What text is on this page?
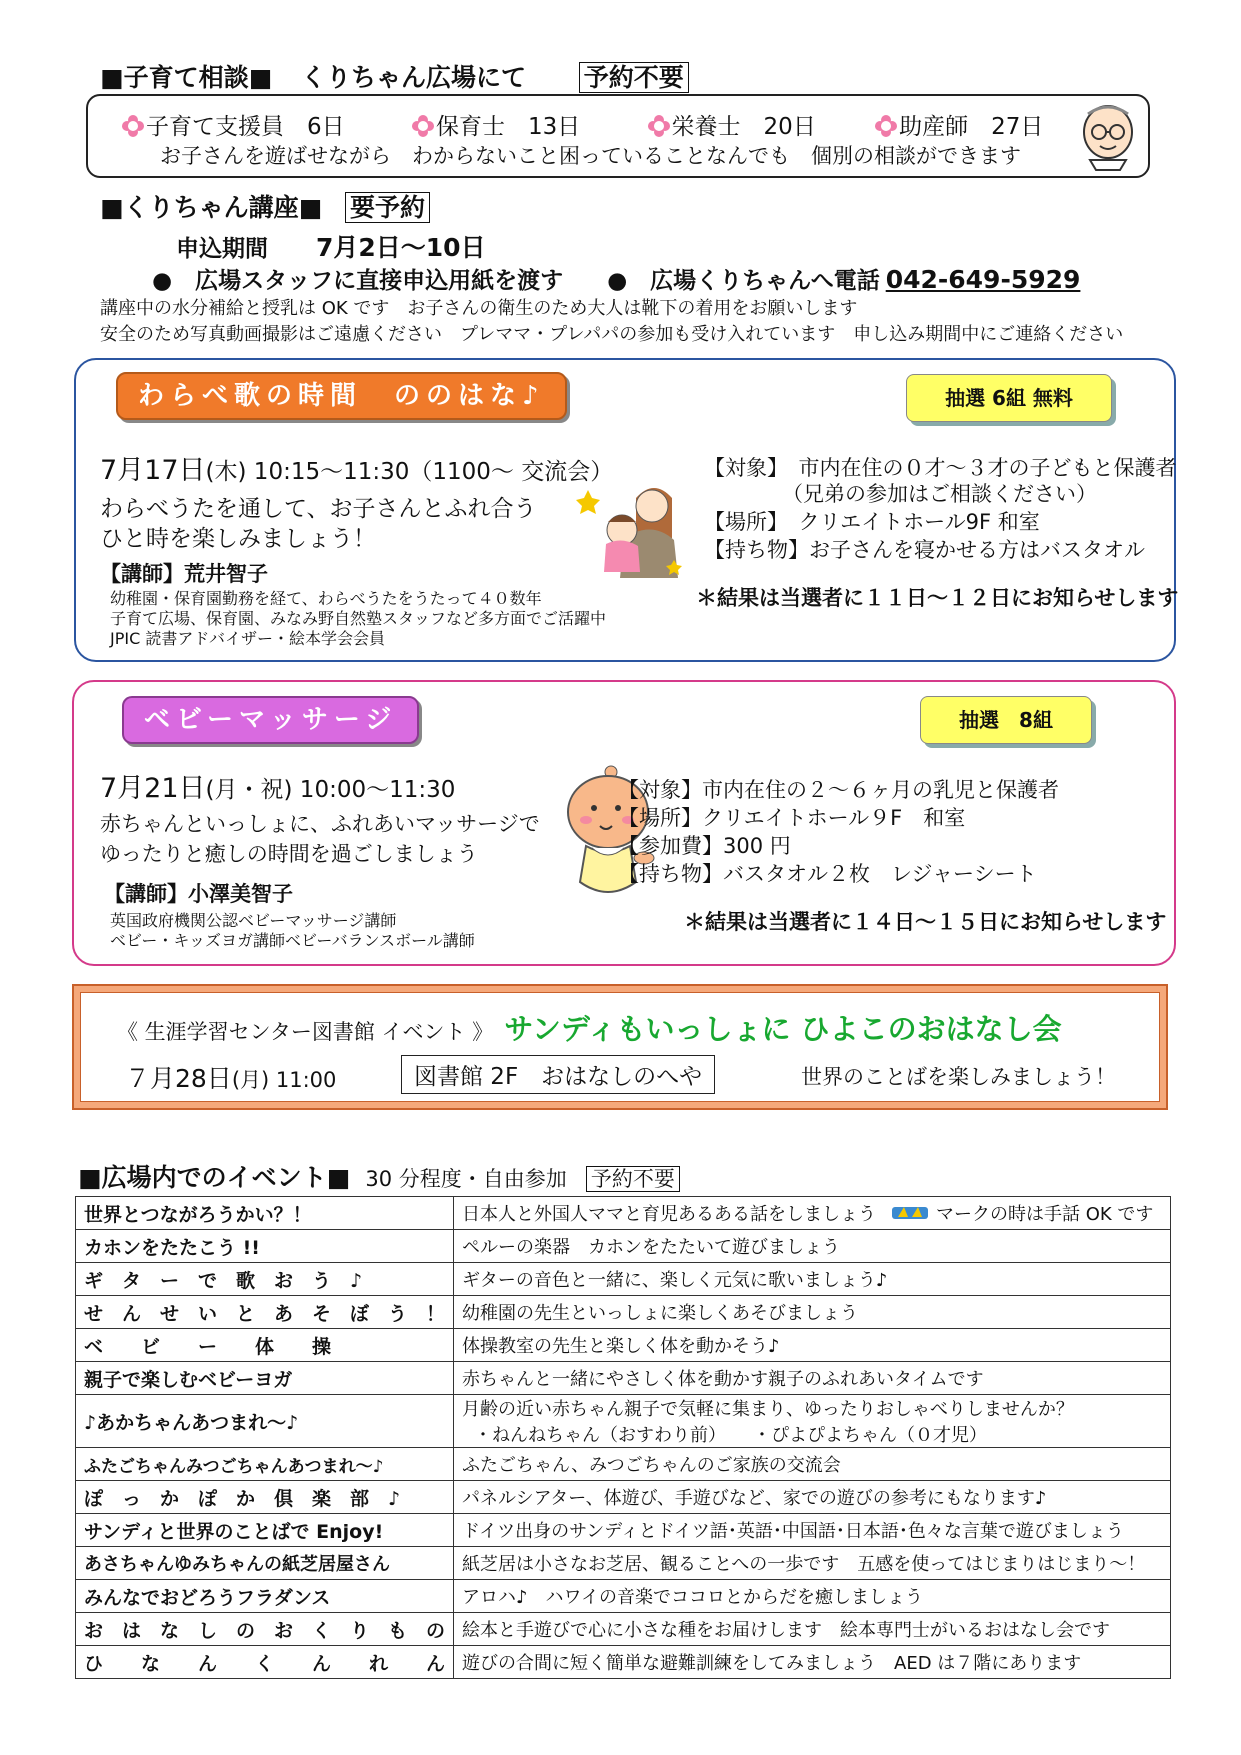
■子育て相談■ くりちゃん広場にて 予約不要
子育て支援員　 6日	保育士　 13日	栄養士　 20日	助産師　 27日
お子さんを遊ばせながら　わからないこと困っていることなんでも　個別の相談ができます
■くりちゃん講座■ 要予約
申込期間 7月2日〜10日
●　広場スタッフに直接申込用紙を渡す ●　広場くりちゃんへ電話 042-649-5929
講座中の水分補給と授乳は OK です　お子さんの衛生のため大人は靴下の着用をお願いします
安全のため写真動画撮影はご遠慮ください　プレママ・プレパパの参加も受け入れています　申し込み期間中にご連絡ください
わらべ歌の時間　ののはな♪	抽選 6組 無料
7月17日(木) 10:15〜11:30（1100〜 交流会）
わらべうたを通して、お子さんとふれ合う
ひと時を楽しみましょう！
【講師】荒井智子
幼稚園・保育園勤務を経て、わらべうたをうたって４０数年
子育て広場、保育園、みなみ野自然塾スタッフなど多方面でご活躍中
JPIC 読書アドバイザー・絵本学会会員
【対象】　市内在住の０才〜３才の子どもと保護者
（兄弟の参加はご相談ください）
【場所】　クリエイトホール9F 和室
【持ち物】お子さんを寝かせる方はバスタオル
＊結果は当選者に１１日〜１２日にお知らせします
ベビーマッサージ	抽選　8組
7月21日(月・祝) 10:00〜11:30
赤ちゃんといっしょに、ふれあいマッサージで
ゆったりと癒しの時間を過ごしましょう
【講師】小澤美智子
英国政府機関公認ベビーマッサージ講師
ベビー・キッズヨガ講師ベビーバランスボール講師
【対象】市内在住の２〜６ヶ月の乳児と保護者
【場所】クリエイトホール９F　和室
【参加費】300 円
【持ち物】バスタオル２枚　レジャーシート
＊結果は当選者に１４日〜１５日にお知らせします
《 生涯学習センター図書館 イベント 》 サンディもいっしょに ひよこのおはなし会
７月28日(月) 11:00	図書館 2F　おはなしのへや	世界のことばを楽しみましょう！
■広場内でのイベント■ 30 分程度・自由参加 予約不要
世界とつながろうかい？！	日本人と外国人ママと育児あるある話をしましょう マークの時は手話 OK です
カホンをたたこう !!	ペルーの楽器　カホンをたたいて遊びましょう
ギ　タ　ー　で　歌　お　う　♪	ギターの音色と一緒に、楽しく元気に歌いましょう♪
せ　ん　せ　い　と　あ　そ　ぼ　う　！	幼稚園の先生といっしょに楽しくあそびましょう
ベ　　ビ　　ー　　体　　操	体操教室の先生と楽しく体を動かそう♪
親子で楽しむベビーヨガ	赤ちゃんと一緒にやさしく体を動かす親子のふれあいタイムです
♪あかちゃんあつまれ〜♪	月齢の近い赤ちゃん親子で気軽に集まり、ゆったりおしゃべりしませんか？
・ねんねちゃん（おすわり前）　　・ぴよぴよちゃん（０才児）

ふたごちゃんみつごちゃんあつまれ〜♪	ふたごちゃん、みつごちゃんのご家族の交流会
ぽ　っ　か　ぽ　か　倶　楽　部　♪	パネルシアター、体遊び、手遊びなど、家での遊びの参考にもなります♪
サンディと世界のことばで Enjoy!	ドイツ出身のサンディとドイツ語･英語･中国語･日本語･色々な言葉で遊びましょう
あさちゃんゆみちゃんの紙芝居屋さん	紙芝居は小さなお芝居、観ることへの一歩です　五感を使ってはじまりはじまり〜！
みんなでおどろうフラダンス	アロハ♪　ハワイの音楽でココロとからだを癒しましょう
お　は　な　し　の　お　く　り　も　の	絵本と手遊びで心に小さな種をお届けします　絵本専門士がいるおはなし会です
ひ　　な　　ん　　く　　ん　　れ　　ん	遊びの合間に短く簡単な避難訓練をしてみましょう　AED は７階にあります
